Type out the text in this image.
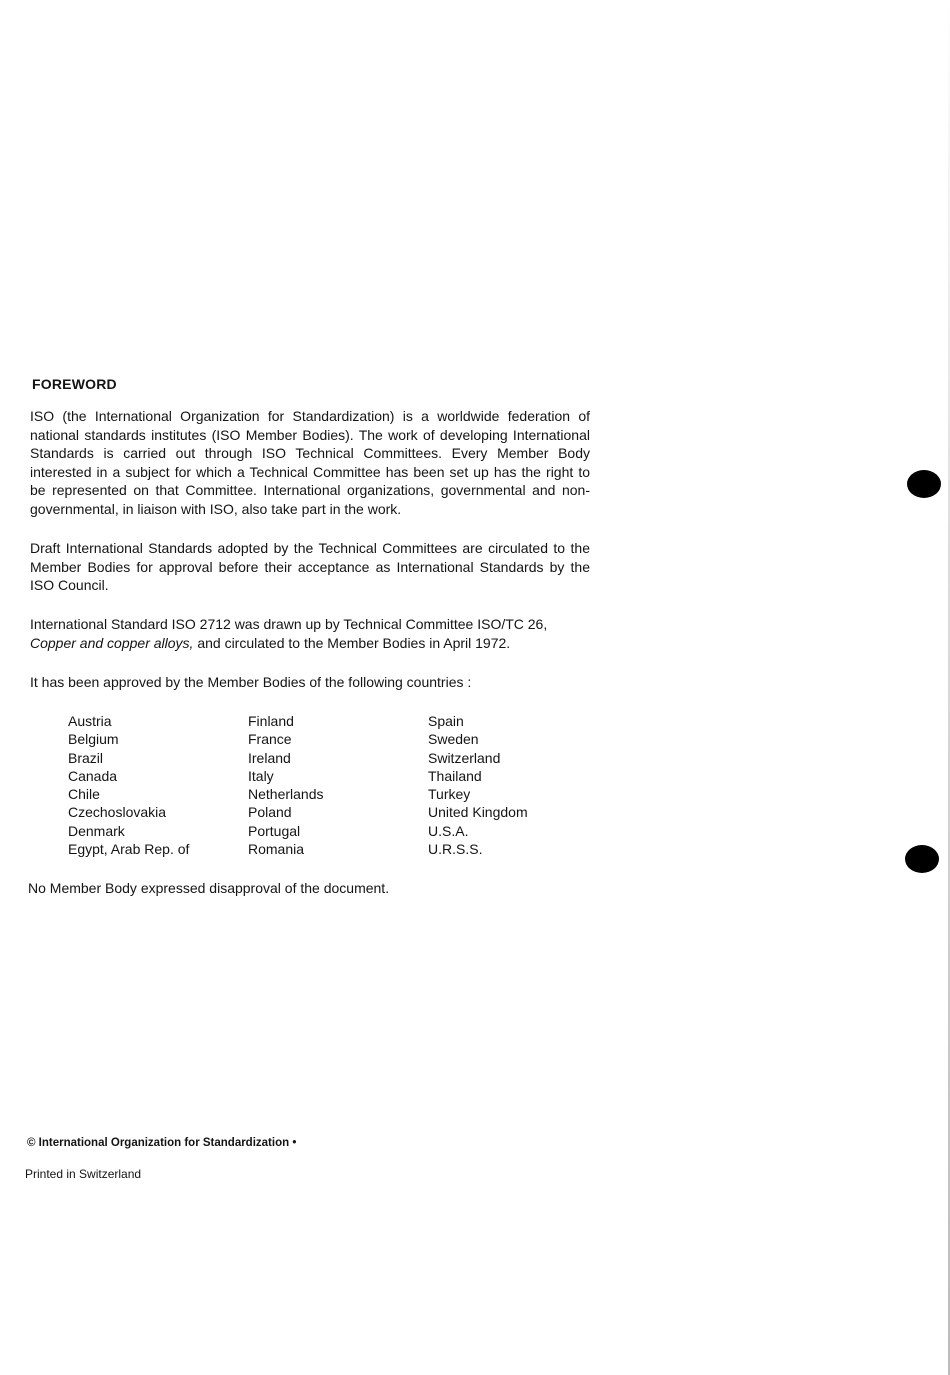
FOREWORD

ISO (the International Organization for Standardization) is a worldwide federation of national standards institutes (ISO Member Bodies). The work of developing International Standards is carried out through ISO Technical Committees. Every Member Body interested in a subject for which a Technical Committee has been set up has the right to be represented on that Committee. International organizations, governmental and non-governmental, in liaison with ISO, also take part in the work.

Draft International Standards adopted by the Technical Committees are circulated to the Member Bodies for approval before their acceptance as International Standards by the ISO Council.

International Standard ISO 2712 was drawn up by Technical Committee ISO/TC 26,
Copper and copper alloys, and circulated to the Member Bodies in April 1972.

It has been approved by the Member Bodies of the following countries :

Austria
Belgium
Brazil
Canada
Chile
Czechoslovakia
Denmark
Egypt, Arab Rep. of
Finland
France
Ireland
Italy
Netherlands
Poland
Portugal
Romania
Spain
Sweden
Switzerland
Thailand
Turkey
United Kingdom
U.S.A.
U.R.S.S.
No Member Body expressed disapproval of the document.
© International Organization for Standardization •
Printed in Switzerland
